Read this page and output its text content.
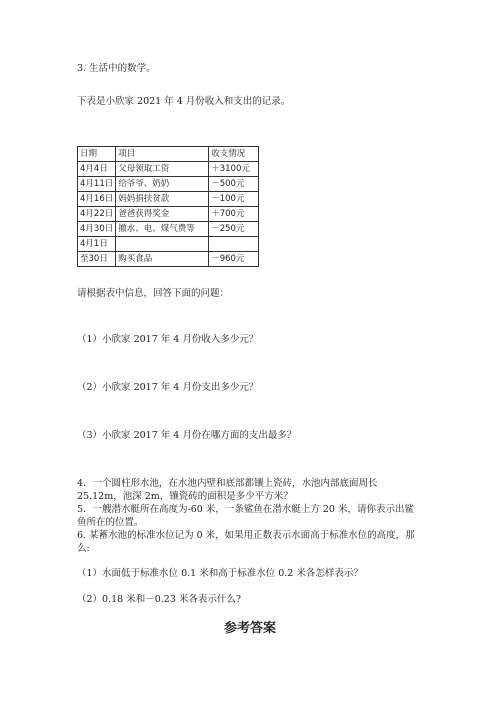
3. 生活中的数学。
下表是小欣家 2021 年 4 月份收入和支出的记录。
日期	项目	收支情况
4月4日	父母领取工资	＋3100元
4月11日	给爷爷、奶奶	－500元
4月16日	妈妈捐扶贫款	－100元
4月22日	爸爸获得奖金	＋700元
4月30日	撤水、电、煤气费等	－250元
4月1日		
至30日	购买食品	－960元
请根据表中信息，回答下面的问题：
（1）小欣家 2017 年 4 月份收入多少元？
（2）小欣家 2017 年 4 月份支出多少元？
（3）小欣家 2017 年 4 月份在哪方面的支出最多？
4．一个圆柱形水池，在水池内壁和底部都镶上瓷砖，水池内部底面周长 25.12m，池深 2m，镶瓷砖的面积是多少平方米？
5．一艘潜水艇所在高度为-60 米，一条鲨鱼在潜水艇上方 20 米，请你表示出鲨鱼所在的位置。
6. 某蓄水池的标准水位记为 0 米，如果用正数表示水面高于标准水位的高度，那么:
（1）水面低于标准水位 0.1 米和高于标准水位 0.2 米各怎样表示？
（2）0.18 米和－0.23 米各表示什么?
参考答案
